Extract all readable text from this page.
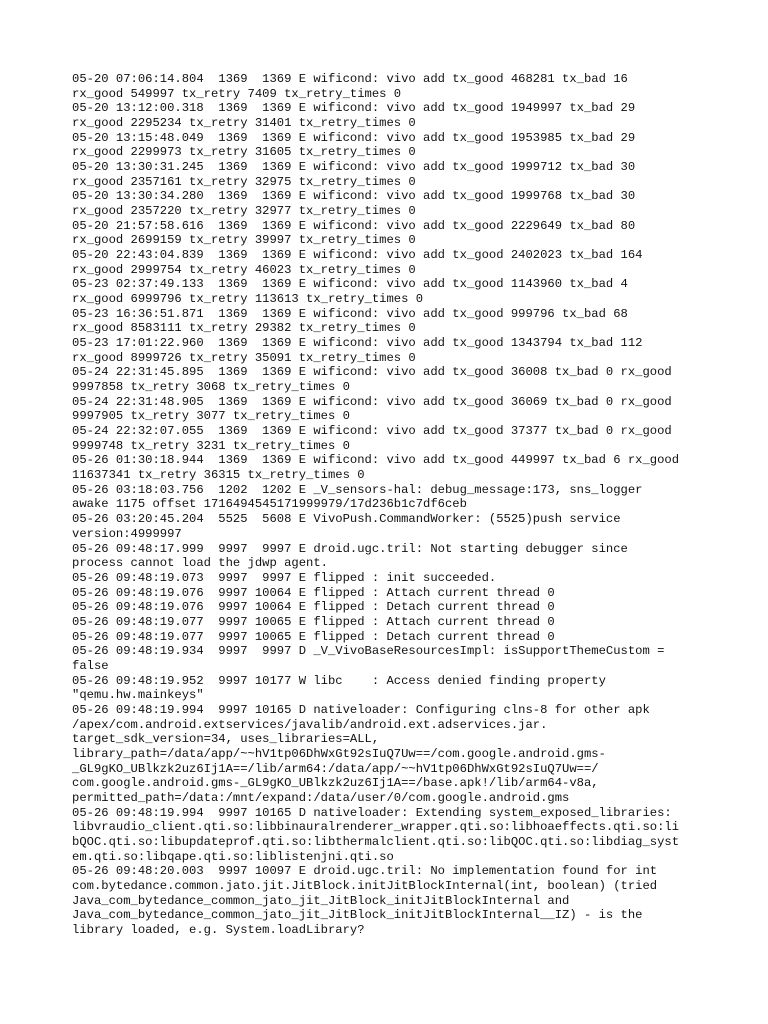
05-20 07:06:14.804  1369  1369 E wificond: vivo add tx_good 468281 tx_bad 16
rx_good 549997 tx_retry 7409 tx_retry_times 0
05-20 13:12:00.318  1369  1369 E wificond: vivo add tx_good 1949997 tx_bad 29
rx_good 2295234 tx_retry 31401 tx_retry_times 0
05-20 13:15:48.049  1369  1369 E wificond: vivo add tx_good 1953985 tx_bad 29
rx_good 2299973 tx_retry 31605 tx_retry_times 0
05-20 13:30:31.245  1369  1369 E wificond: vivo add tx_good 1999712 tx_bad 30
rx_good 2357161 tx_retry 32975 tx_retry_times 0
05-20 13:30:34.280  1369  1369 E wificond: vivo add tx_good 1999768 tx_bad 30
rx_good 2357220 tx_retry 32977 tx_retry_times 0
05-20 21:57:58.616  1369  1369 E wificond: vivo add tx_good 2229649 tx_bad 80
rx_good 2699159 tx_retry 39997 tx_retry_times 0
05-20 22:43:04.839  1369  1369 E wificond: vivo add tx_good 2402023 tx_bad 164
rx_good 2999754 tx_retry 46023 tx_retry_times 0
05-23 02:37:49.133  1369  1369 E wificond: vivo add tx_good 1143960 tx_bad 4
rx_good 6999796 tx_retry 113613 tx_retry_times 0
05-23 16:36:51.871  1369  1369 E wificond: vivo add tx_good 999796 tx_bad 68
rx_good 8583111 tx_retry 29382 tx_retry_times 0
05-23 17:01:22.960  1369  1369 E wificond: vivo add tx_good 1343794 tx_bad 112
rx_good 8999726 tx_retry 35091 tx_retry_times 0
05-24 22:31:45.895  1369  1369 E wificond: vivo add tx_good 36008 tx_bad 0 rx_good
9997858 tx_retry 3068 tx_retry_times 0
05-24 22:31:48.905  1369  1369 E wificond: vivo add tx_good 36069 tx_bad 0 rx_good
9997905 tx_retry 3077 tx_retry_times 0
05-24 22:32:07.055  1369  1369 E wificond: vivo add tx_good 37377 tx_bad 0 rx_good
9999748 tx_retry 3231 tx_retry_times 0
05-26 01:30:18.944  1369  1369 E wificond: vivo add tx_good 449997 tx_bad 6 rx_good
11637341 tx_retry 36315 tx_retry_times 0
05-26 03:18:03.756  1202  1202 E _V_sensors-hal: debug_message:173, sns_logger
awake 1175 offset 1716494545171999979/17d236b1c7df6ceb
05-26 03:20:45.204  5525  5608 E VivoPush.CommandWorker: (5525)push service
version:4999997
05-26 09:48:17.999  9997  9997 E droid.ugc.tril: Not starting debugger since
process cannot load the jdwp agent.
05-26 09:48:19.073  9997  9997 E flipped : init succeeded.
05-26 09:48:19.076  9997 10064 E flipped : Attach current thread 0
05-26 09:48:19.076  9997 10064 E flipped : Detach current thread 0
05-26 09:48:19.077  9997 10065 E flipped : Attach current thread 0
05-26 09:48:19.077  9997 10065 E flipped : Detach current thread 0
05-26 09:48:19.934  9997  9997 D _V_VivoBaseResourcesImpl: isSupportThemeCustom =
false
05-26 09:48:19.952  9997 10177 W libc    : Access denied finding property
"qemu.hw.mainkeys"
05-26 09:48:19.994  9997 10165 D nativeloader: Configuring clns-8 for other apk
/apex/com.android.extservices/javalib/android.ext.adservices.jar.
target_sdk_version=34, uses_libraries=ALL,
library_path=/data/app/~~hV1tp06DhWxGt92sIuQ7Uw==/com.google.android.gms-
_GL9gKO_UBlkzk2uz6Ij1A==/lib/arm64:/data/app/~~hV1tp06DhWxGt92sIuQ7Uw==/
com.google.android.gms-_GL9gKO_UBlkzk2uz6Ij1A==/base.apk!/lib/arm64-v8a,
permitted_path=/data:/mnt/expand:/data/user/0/com.google.android.gms
05-26 09:48:19.994  9997 10165 D nativeloader: Extending system_exposed_libraries:
libvraudio_client.qti.so:libbinauralrenderer_wrapper.qti.so:libhoaeffects.qti.so:li
bQOC.qti.so:libupdateprof.qti.so:libthermalclient.qti.so:libQOC.qti.so:libdiag_syst
em.qti.so:libqape.qti.so:liblistenjni.qti.so
05-26 09:48:20.003  9997 10097 E droid.ugc.tril: No implementation found for int
com.bytedance.common.jato.jit.JitBlock.initJitBlockInternal(int, boolean) (tried
Java_com_bytedance_common_jato_jit_JitBlock_initJitBlockInternal and
Java_com_bytedance_common_jato_jit_JitBlock_initJitBlockInternal__IZ) - is the
library loaded, e.g. System.loadLibrary?
